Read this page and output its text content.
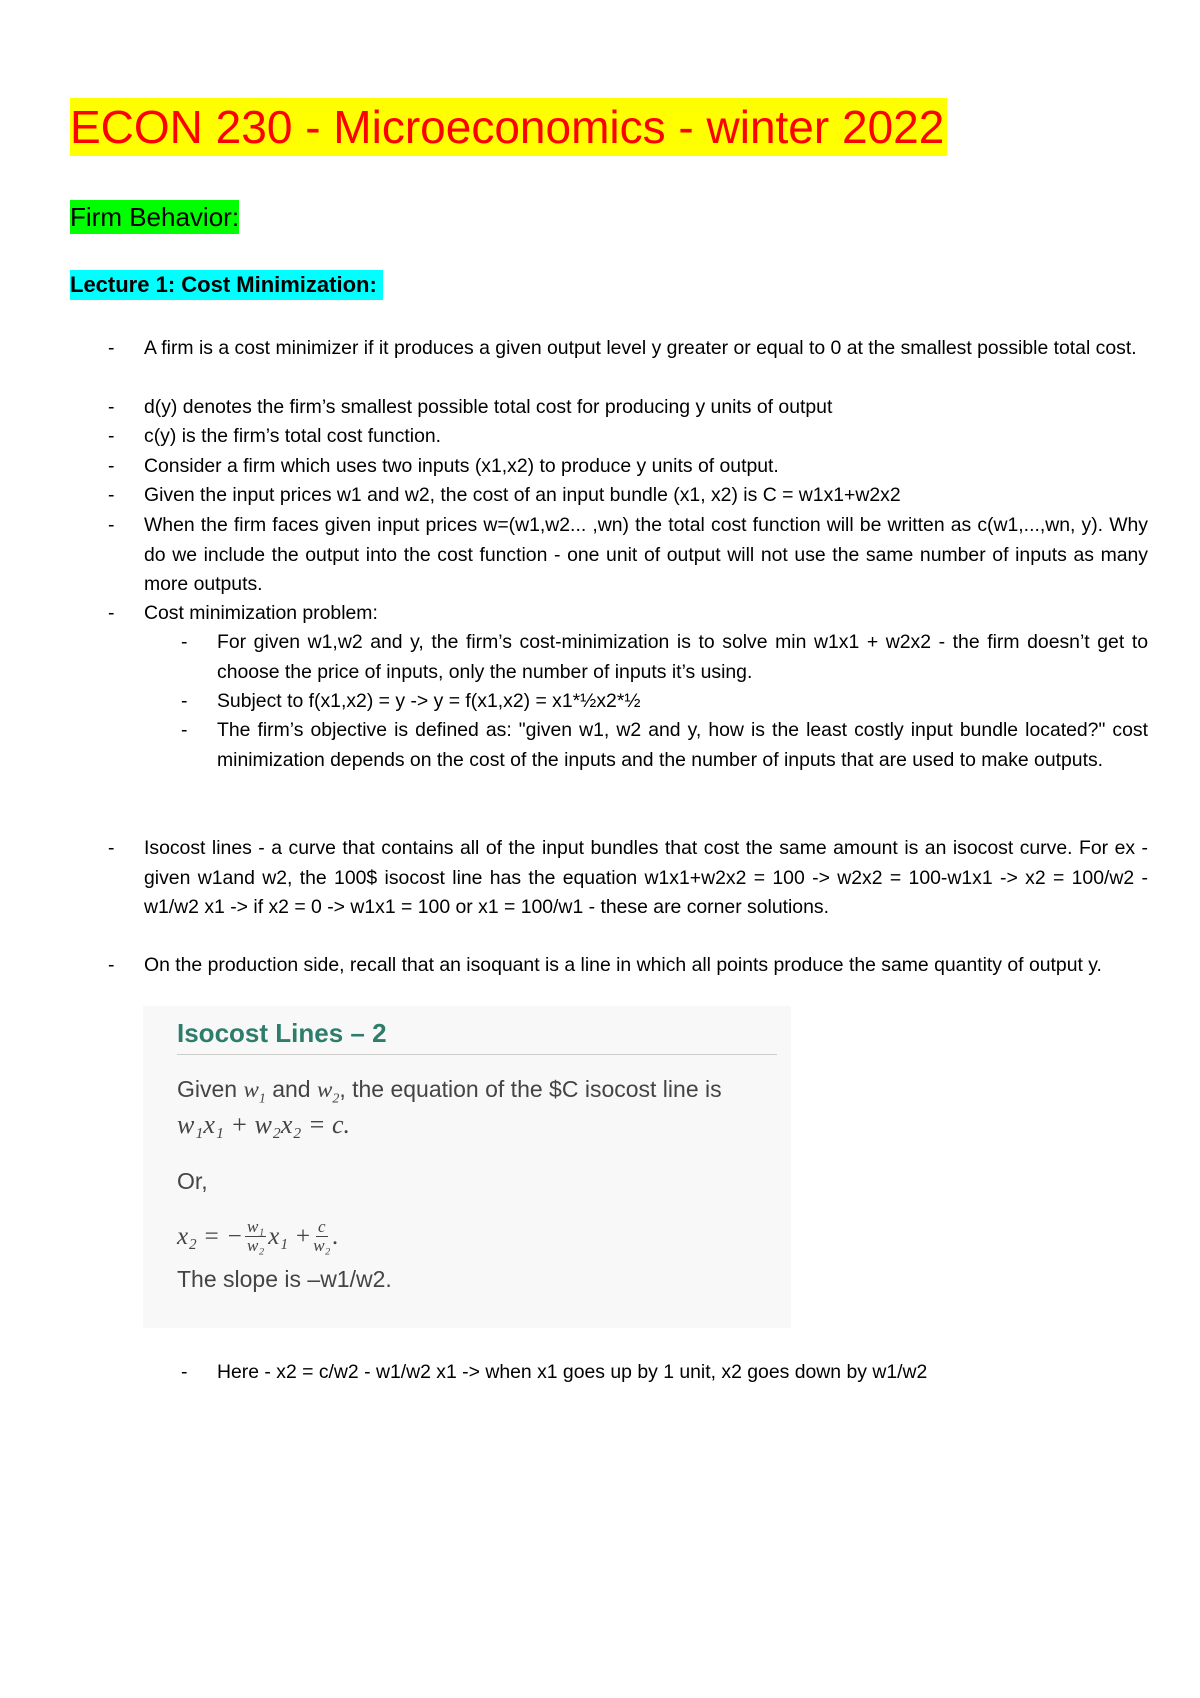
ECON 230 - Microeconomics - winter 2022
Firm Behavior:
Lecture 1: Cost Minimization:
- A firm is a cost minimizer if it produces a given output level y greater or equal to 0 at the smallest possible total cost.
- d(y) denotes the firm’s smallest possible total cost for producing y units of output
- c(y) is the firm’s total cost function.
- Consider a firm which uses two inputs (x1,x2) to produce y units of output.
- Given the input prices w1 and w2, the cost of an input bundle (x1, x2) is C = w1x1+w2x2
- When the firm faces given input prices w=(w1,w2... ,wn) the total cost function will be written as c(w1,...,wn, y). Why do we include the output into the cost function - one unit of output will not use the same number of inputs as many more outputs.
- Cost minimization problem:
- For given w1,w2 and y, the firm’s cost-minimization is to solve min w1x1 + w2x2 - the firm doesn’t get to choose the price of inputs, only the number of inputs it’s using.
- Subject to f(x1,x2) = y -> y = f(x1,x2) = x1*½x2*½
- The firm’s objective is defined as: "given w1, w2 and y, how is the least costly input bundle located?" cost minimization depends on the cost of the inputs and the number of inputs that are used to make outputs.
- Isocost lines - a curve that contains all of the input bundles that cost the same amount is an isocost curve. For ex - given w1and w2, the 100$ isocost line has the equation w1x1+w2x2 = 100 -> w2x2 = 100-w1x1 -> x2 = 100/w2 - w1/w2 x1 -> if x2 = 0 -> w1x1 = 100 or x1 = 100/w1 - these are corner solutions.
- On the production side, recall that an isoquant is a line in which all points produce the same quantity of output y.
- Here - x2 = c/w2 - w1/w2 x1 -> when x1 goes up by 1 unit, x2 goes down by w1/w2
Isocost Lines – 2
Given $w_1$ and $w_2$, the equation of the $C isocost line is
w₁x₁ + w₂x₂ = c.
Or,
x₂ = − $\frac{\text{w₁}}{\text{w₂}} x_1 + \frac{c}{\text{w₂}}$ .
The slope is –w1/w2.
